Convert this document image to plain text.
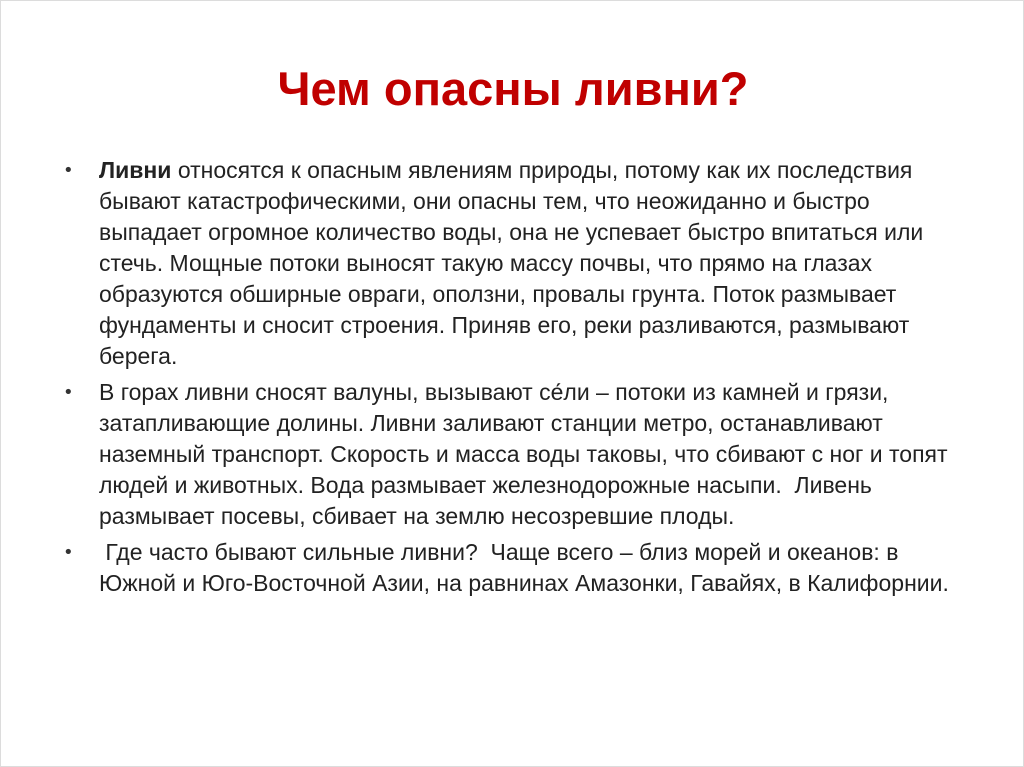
Чем опасны ливни?
•	Ливни относятся к опасным явлениям природы, потому как их последствия бывают катастрофическими, они опасны тем, что неожиданно и быстро выпадает огромное количество воды, она не успевает быстро впитаться или стечь. Мощные потоки выносят такую массу почвы, что прямо на глазах образуются обширные овраги, оползни, провалы грунта. Поток размывает фундаменты и сносит строения. Приняв его, реки разливаются, размывают берега.
•	В горах ливни сносят валуны, вызывают се́ли – потоки из камней и грязи, затапливающие долины. Ливни заливают станции метро, останавливают наземный транспорт. Скорость и масса воды таковы, что сбивают с ног и топят людей и животных. Вода размывает железнодорожные насыпи.  Ливень размывает посевы, сбивает на землю несозревшие плоды.
•	Где часто бывают сильные ливни?  Чаще всего – близ морей и океанов: в Южной и Юго-Восточной Азии, на равнинах Амазонки, Гавайях, в Калифорнии.
